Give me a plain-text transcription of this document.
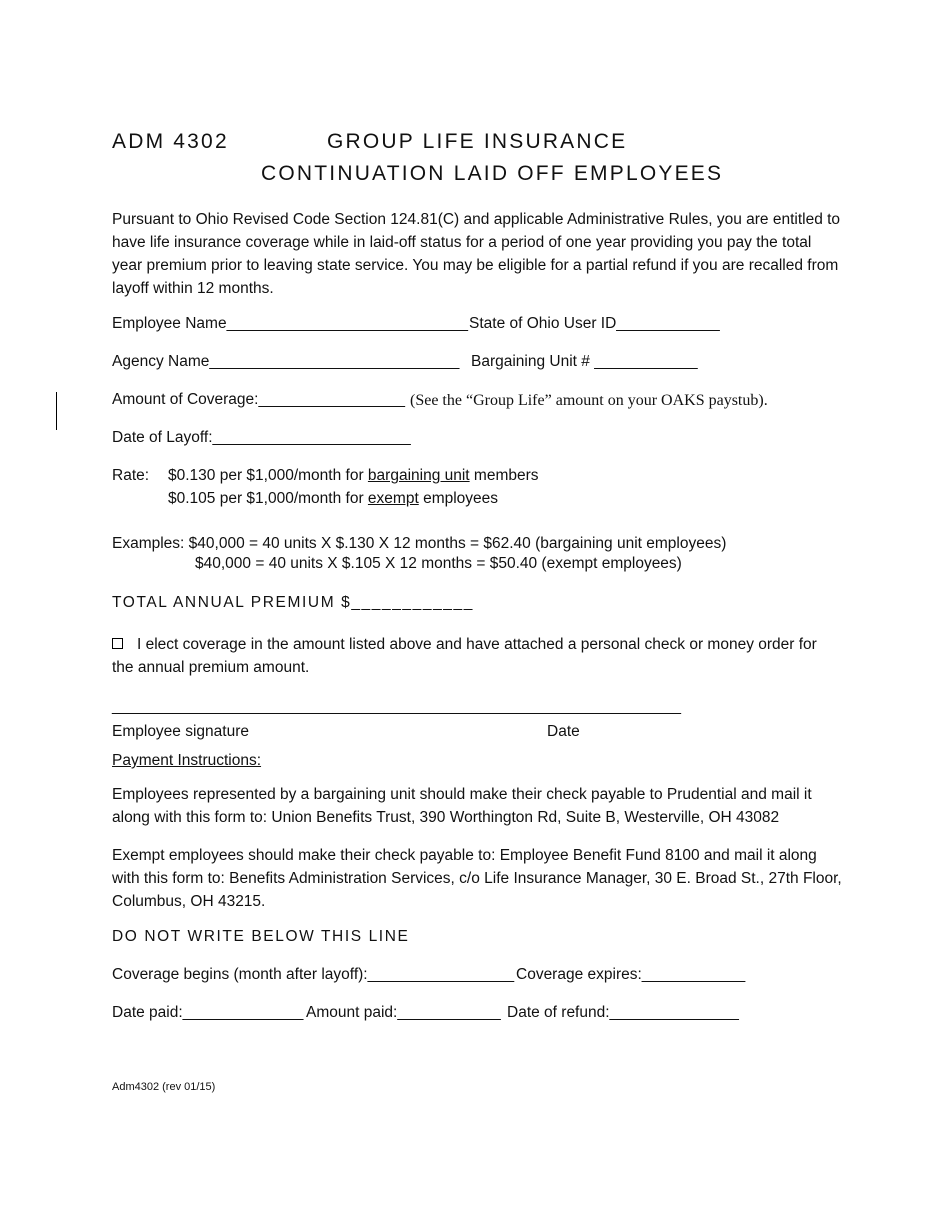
ADM 4302	GROUP LIFE INSURANCE
CONTINUATION LAID OFF EMPLOYEES
Pursuant to Ohio Revised Code Section 124.81(C) and applicable Administrative Rules, you are entitled to have life insurance coverage while in laid-off status for a period of one year providing you pay the total year premium prior to leaving state service. You may be eligible for a partial refund if you are recalled from layoff within 12 months.
Employee Name____________________________ State of Ohio User ID____________
Agency Name_____________________________ Bargaining Unit # ____________
Amount of Coverage:_________________ (See the “Group Life” amount on your OAKS paystub).
Date of Layoff:_______________________
Rate: $0.130 per $1,000/month for bargaining unit members
$0.105 per $1,000/month for exempt employees
Examples: $40,000 = 40 units X $.130 X 12 months = $62.40 (bargaining unit employees)
$40,000 = 40 units X $.105 X 12 months = $50.40 (exempt employees)
TOTAL ANNUAL PREMIUM $____________
I elect coverage in the amount listed above and have attached a personal check or money order for the annual premium amount.
__________________________________________________________________
Employee signature	Date
Payment Instructions:
Employees represented by a bargaining unit should make their check payable to Prudential and mail it along with this form to: Union Benefits Trust, 390 Worthington Rd, Suite B, Westerville, OH 43082
Exempt employees should make their check payable to: Employee Benefit Fund 8100 and mail it along with this form to: Benefits Administration Services, c/o Life Insurance Manager, 30 E. Broad St., 27th Floor, Columbus, OH 43215.
DO NOT WRITE BELOW THIS LINE
Coverage begins (month after layoff):_________________ Coverage expires:____________
Date paid:______________ Amount paid:____________ Date of refund:_______________
Adm4302 (rev 01/15)
